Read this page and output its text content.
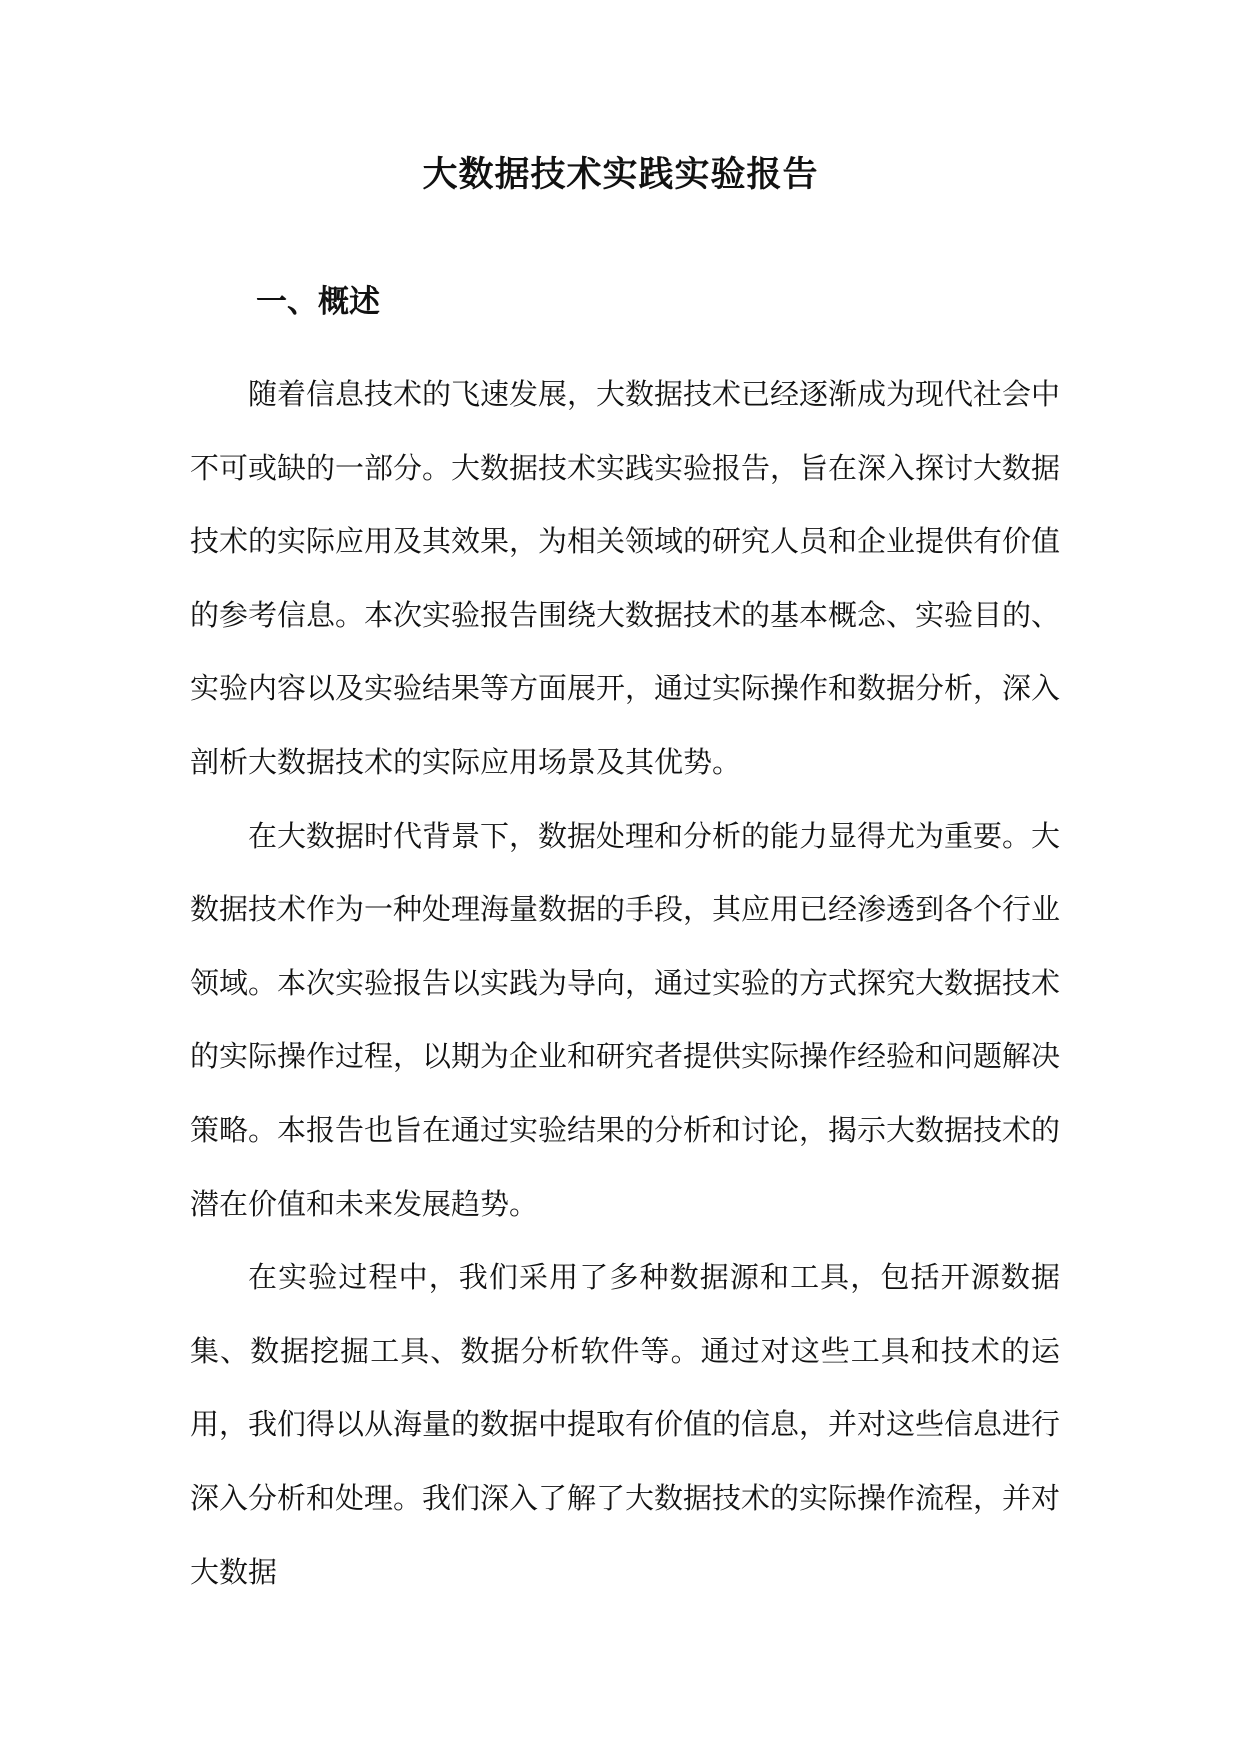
大数据技术实践实验报告
一、概述

随着信息技术的飞速发展，大数据技术已经逐渐成为现代社会中不可或缺的一部分。大数据技术实践实验报告，旨在深入探讨大数据技术的实际应用及其效果，为相关领域的研究人员和企业提供有价值的参考信息。本次实验报告围绕大数据技术的基本概念、实验目的、实验内容以及实验结果等方面展开，通过实际操作和数据分析，深入剖析大数据技术的实际应用场景及其优势。

在大数据时代背景下，数据处理和分析的能力显得尤为重要。大数据技术作为一种处理海量数据的手段，其应用已经渗透到各个行业领域。本次实验报告以实践为导向，通过实验的方式探究大数据技术的实际操作过程，以期为企业和研究者提供实际操作经验和问题解决策略。本报告也旨在通过实验结果的分析和讨论，揭示大数据技术的潜在价值和未来发展趋势。

在实验过程中，我们采用了多种数据源和工具，包括开源数据集、数据挖掘工具、数据分析软件等。通过对这些工具和技术的运用，我们得以从海量的数据中提取有价值的信息，并对这些信息进行深入分析和处理。我们深入了解了大数据技术的实际操作流程，并对大数据
